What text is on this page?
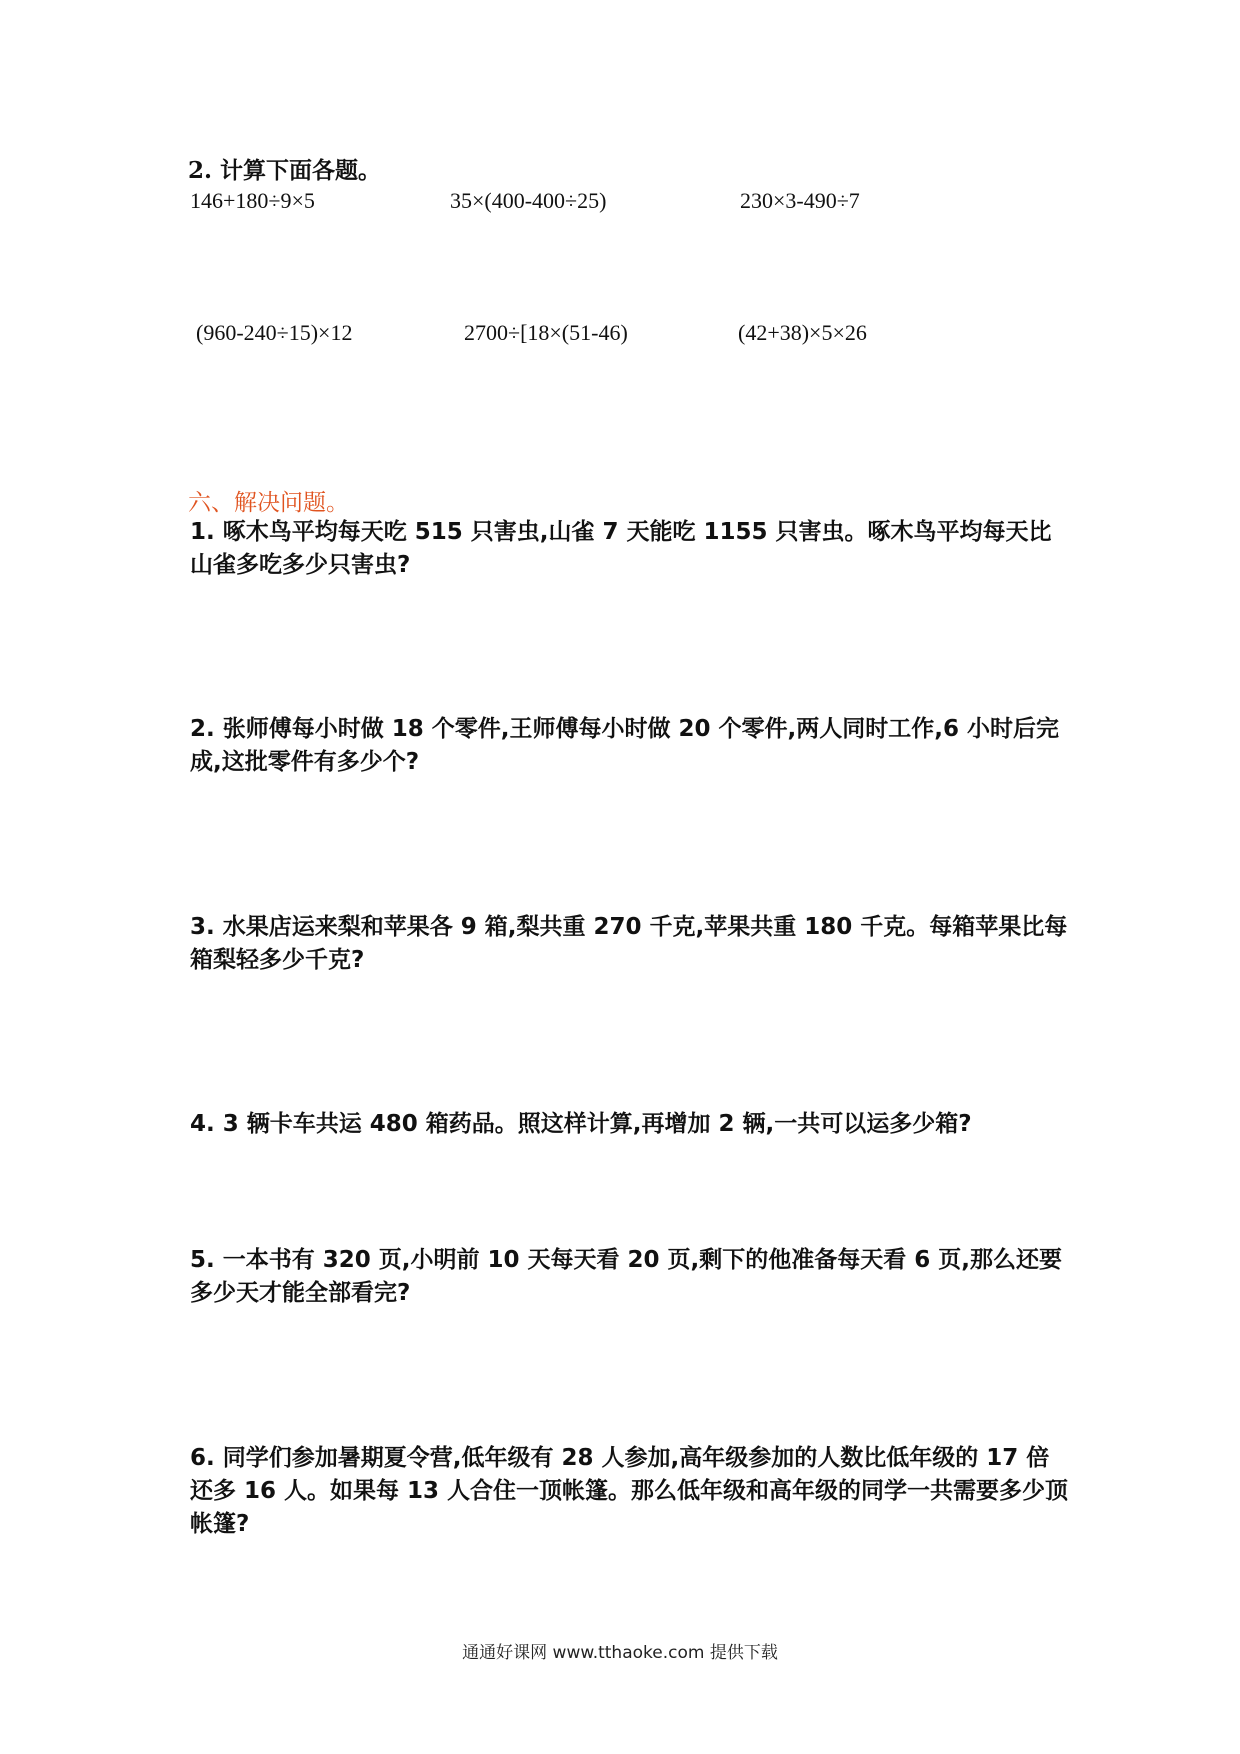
2. 计算下面各题。
146+180÷9×5	35×(400-400÷25)	230×3-490÷7
(960-240÷15)×12	2700÷[18×(51-46)	(42+38)×5×26
六、解决问题。
1. 啄木鸟平均每天吃 515 只害虫,山雀 7 天能吃 1155 只害虫。啄木鸟平均每天比山雀多吃多少只害虫?
2. 张师傅每小时做 18 个零件,王师傅每小时做 20 个零件,两人同时工作,6 小时后完成,这批零件有多少个?
3. 水果店运来梨和苹果各 9 箱,梨共重 270 千克,苹果共重 180 千克。每箱苹果比每箱梨轻多少千克?
4. 3 辆卡车共运 480 箱药品。照这样计算,再增加 2 辆,一共可以运多少箱?
5. 一本书有 320 页,小明前 10 天每天看 20 页,剩下的他准备每天看 6 页,那么还要多少天才能全部看完?
6. 同学们参加暑期夏令营,低年级有 28 人参加,高年级参加的人数比低年级的 17 倍还多 16 人。如果每 13 人合住一顶帐篷。那么低年级和高年级的同学一共需要多少顶帐篷?
通通好课网 www.tthaoke.com 提供下载
